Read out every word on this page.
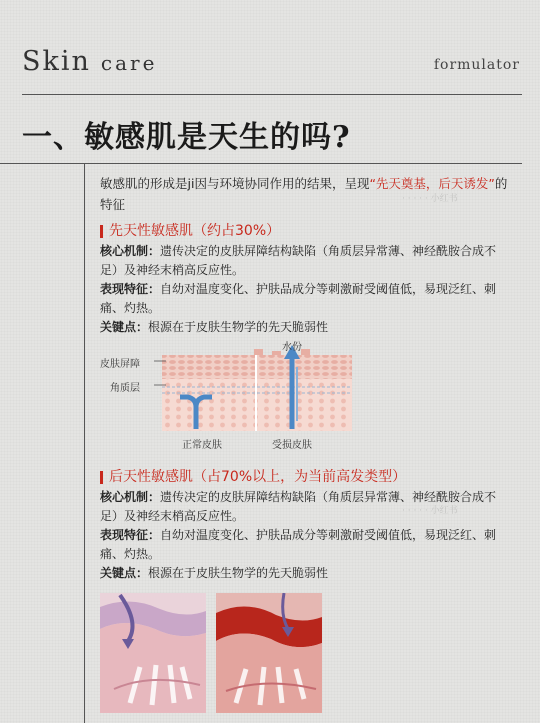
Skin care	formulator
一、敏感肌是天生的吗?
· · · · · 小红书
· · · · · 小红书

敏感肌的形成是ji因与环境协同作用的结果，呈现“先天奠基，后天诱发”的特征

先天性敏感肌（约占30%）

核心机制：遗传决定的皮肤屏障结构缺陷（角质层异常薄、神经酰胺合成不足）及神经末梢高反应性。

表现特征：自幼对温度变化、护肤品成分等刺激耐受阈值低，易现泛红、刺痛、灼热。

关键点：根源在于皮肤生物学的先天脆弱性

皮肤屏障
角质层
水份
正常皮肤	受损皮肤
后天性敏感肌（占70%以上，为当前高发类型）

核心机制：遗传决定的皮肤屏障结构缺陷（角质层异常薄、神经酰胺合成不足）及神经末梢高反应性。

表现特征：自幼对温度变化、护肤品成分等刺激耐受阈值低，易现泛红、刺痛、灼热。

关键点：根源在于皮肤生物学的先天脆弱性
